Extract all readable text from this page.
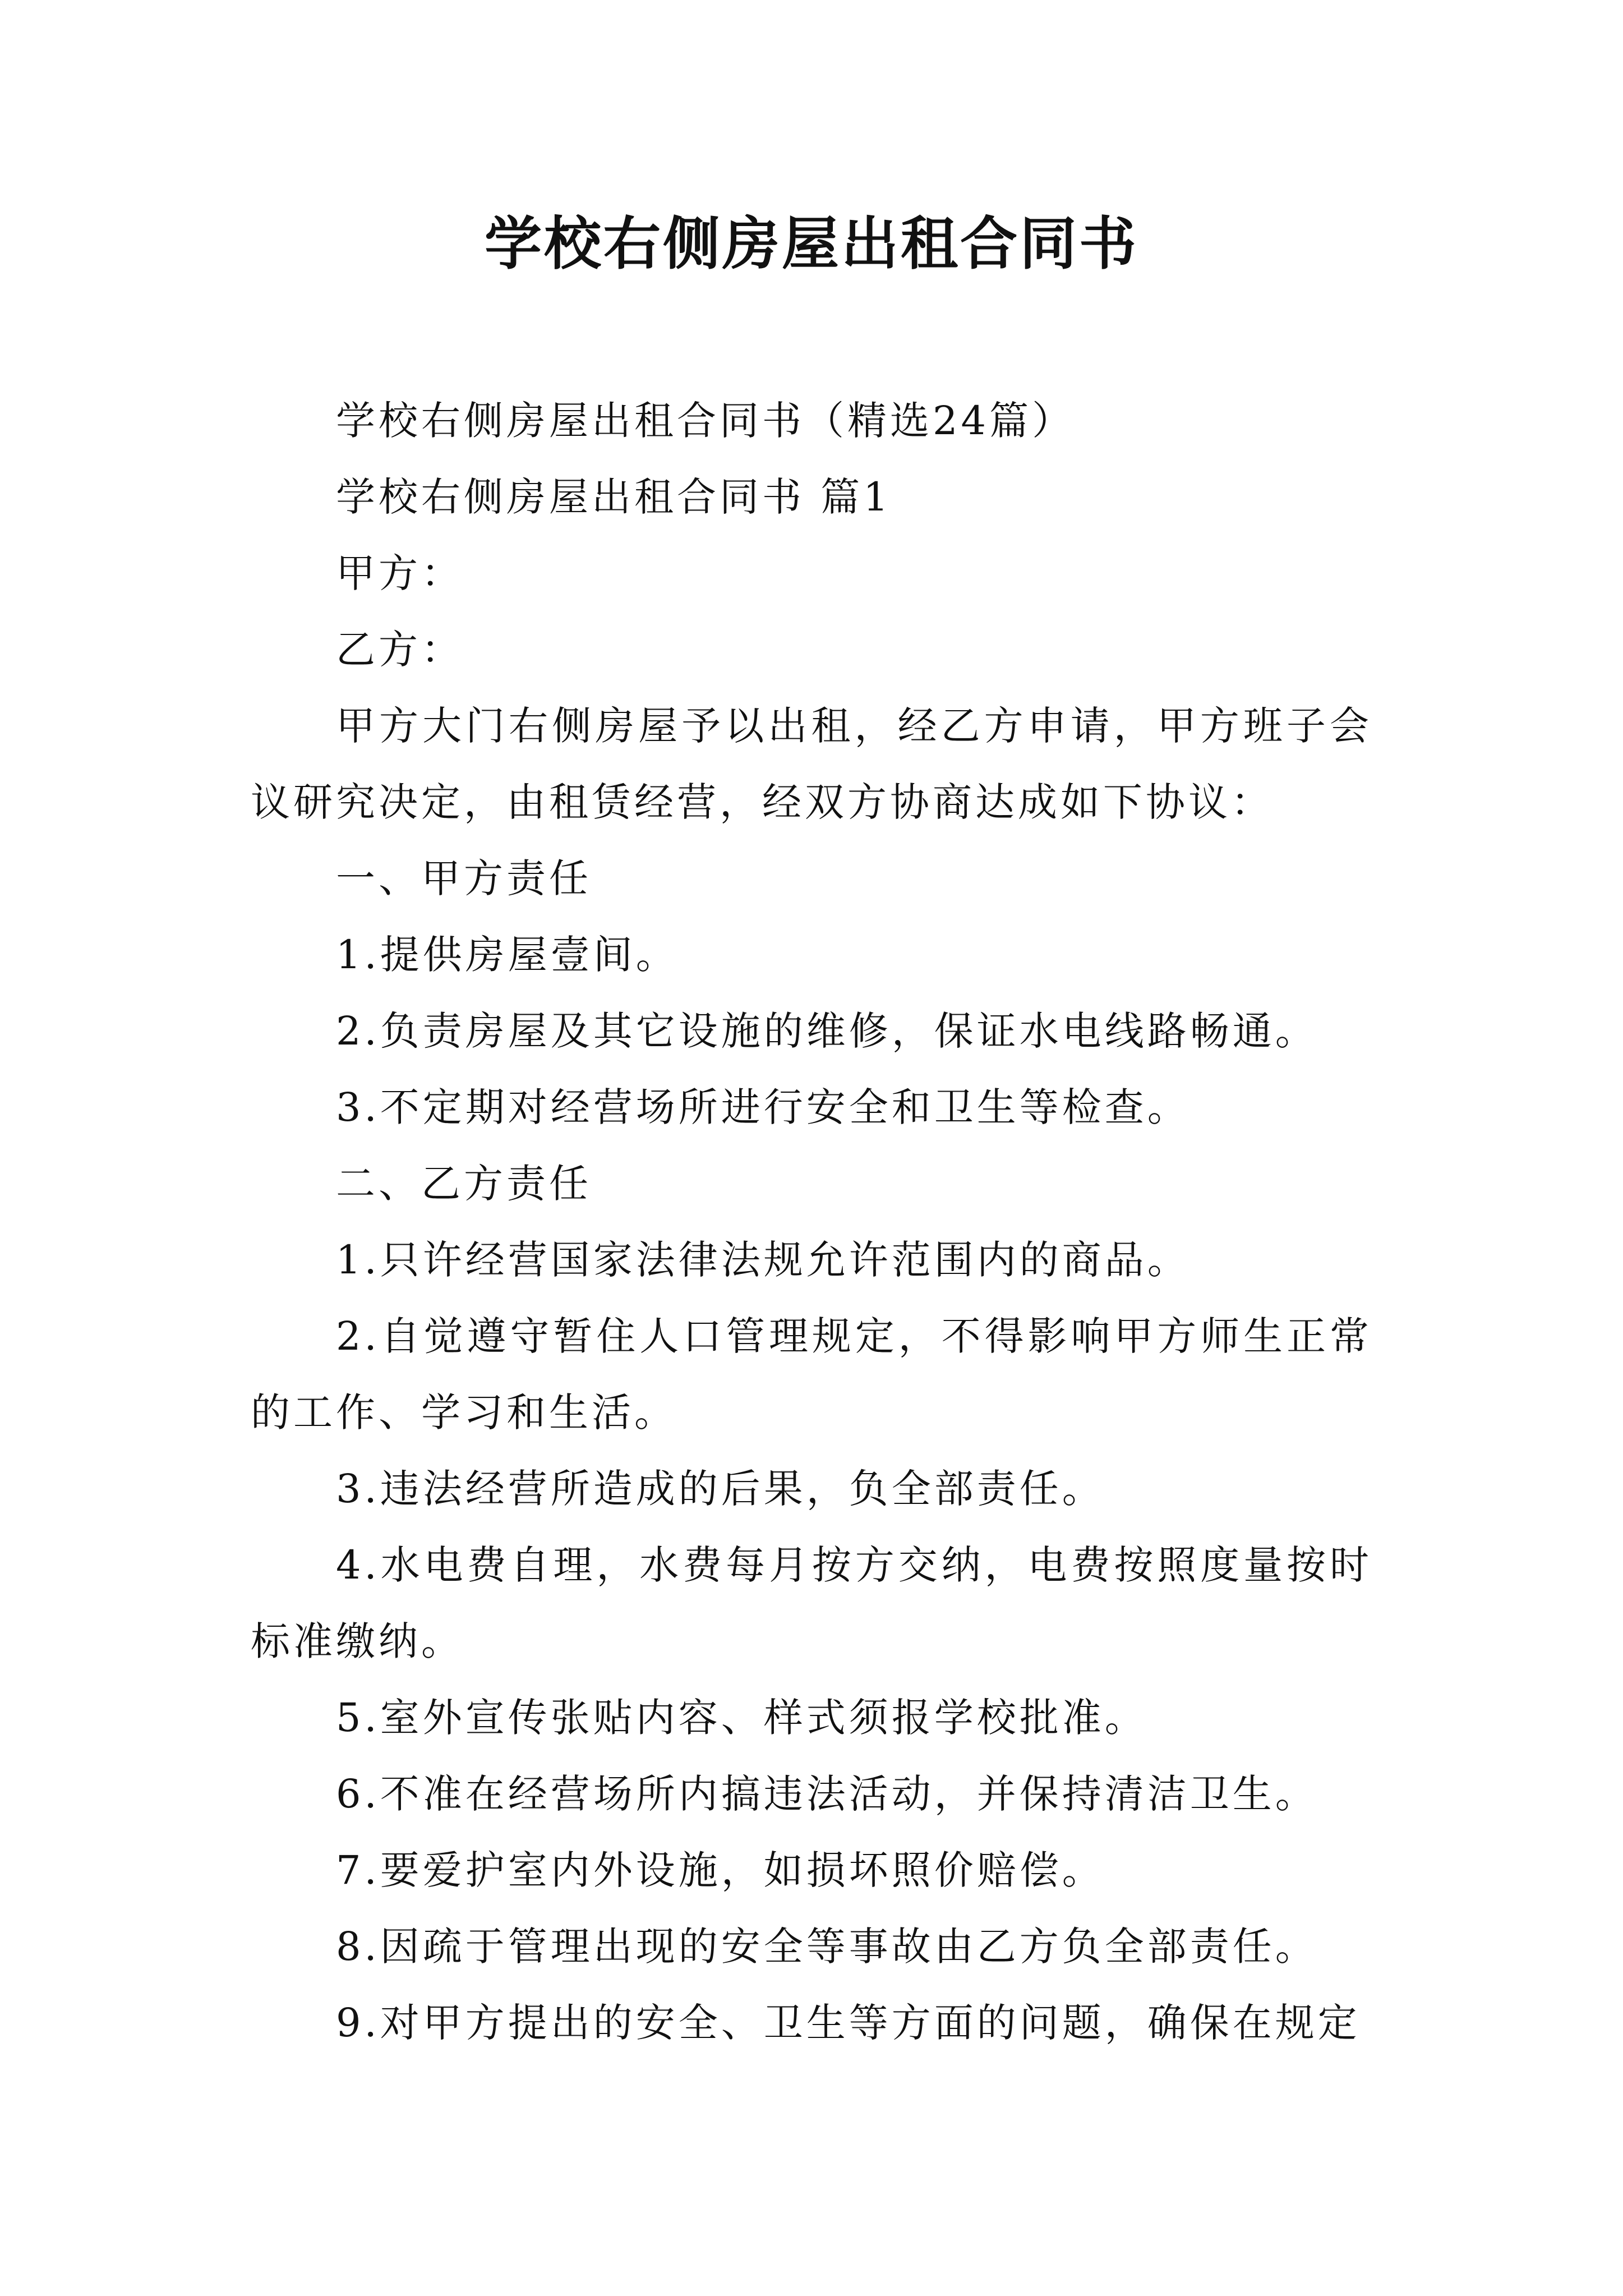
学校右侧房屋出租合同书

学校右侧房屋出租合同书（精选24篇）

学校右侧房屋出租合同书 篇1

甲方：

乙方：

甲方大门右侧房屋予以出租，经乙方申请，甲方班子会议研究决定，由租赁经营，经双方协商达成如下协议：

一、甲方责任

1.提供房屋壹间。

2.负责房屋及其它设施的维修，保证水电线路畅通。

3.不定期对经营场所进行安全和卫生等检查。

二、乙方责任

1.只许经营国家法律法规允许范围内的商品。

2.自觉遵守暂住人口管理规定，不得影响甲方师生正常的工作、学习和生活。

3.违法经营所造成的后果，负全部责任。

4.水电费自理，水费每月按方交纳，电费按照度量按时标准缴纳。

5.室外宣传张贴内容、样式须报学校批准。

6.不准在经营场所内搞违法活动，并保持清洁卫生。

7.要爱护室内外设施，如损坏照价赔偿。

8.因疏于管理出现的安全等事故由乙方负全部责任。

9.对甲方提出的安全、卫生等方面的问题，确保在规定
